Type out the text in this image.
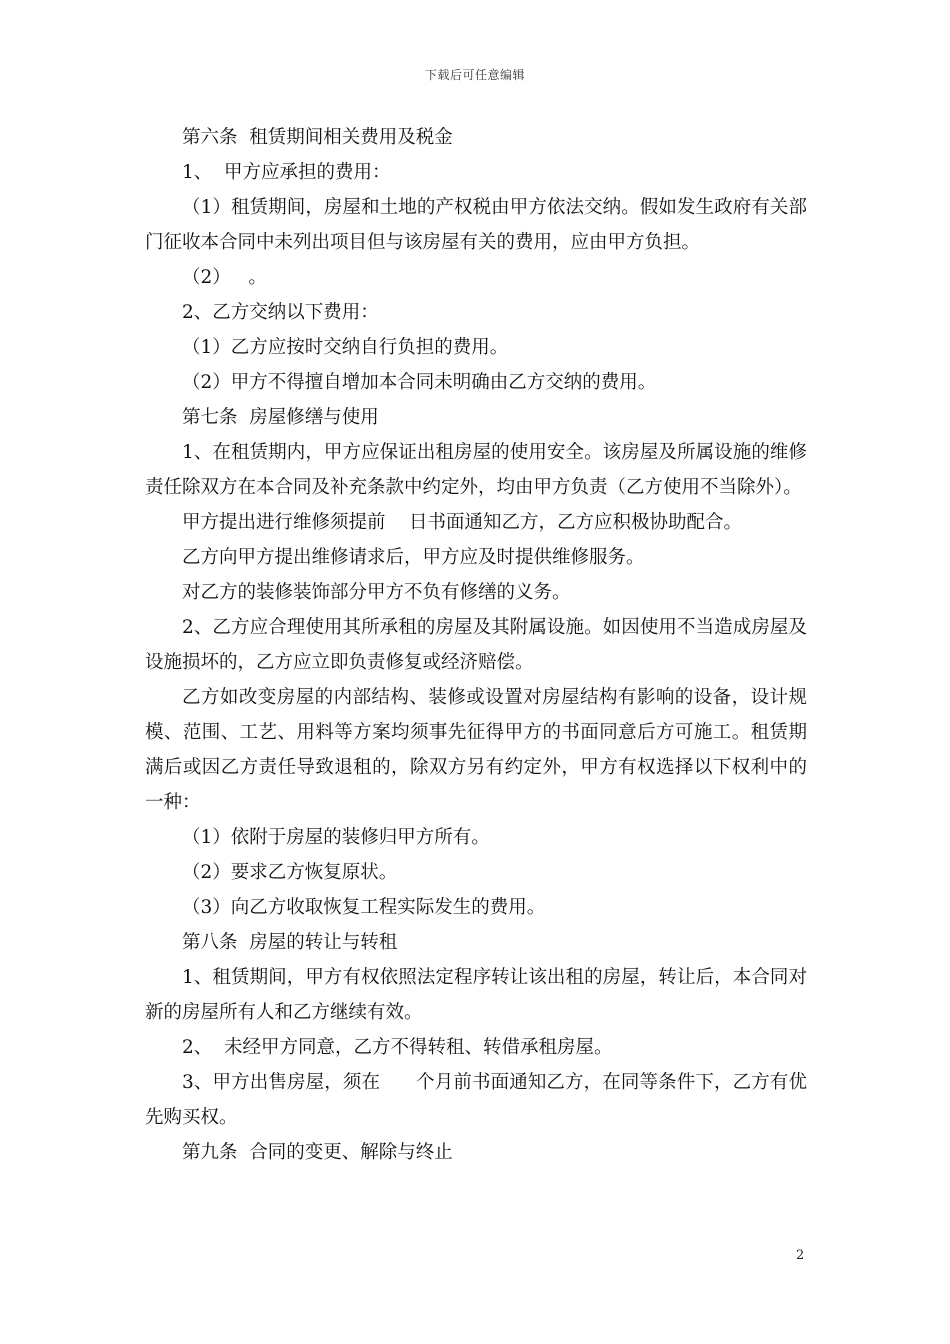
下载后可任意编辑

第六条  租赁期间相关费用及税金

1、  甲方应承担的费用：

（1）租赁期间，房屋和土地的产权税由甲方依法交纳。假如发生政府有关部门征收本合同中未列出项目但与该房屋有关的费用，应由甲方负担。

（2）   。

2、乙方交纳以下费用：

（1）乙方应按时交纳自行负担的费用。

（2）甲方不得擅自增加本合同未明确由乙方交纳的费用。

第七条  房屋修缮与使用

1、在租赁期内，甲方应保证出租房屋的使用安全。该房屋及所属设施的维修责任除双方在本合同及补充条款中约定外，均由甲方负责（乙方使用不当除外）。

甲方提出进行维修须提前    日书面通知乙方，乙方应积极协助配合。

乙方向甲方提出维修请求后，甲方应及时提供维修服务。

对乙方的装修装饰部分甲方不负有修缮的义务。

2、乙方应合理使用其所承租的房屋及其附属设施。如因使用不当造成房屋及设施损坏的，乙方应立即负责修复或经济赔偿。

乙方如改变房屋的内部结构、装修或设置对房屋结构有影响的设备，设计规模、范围、工艺、用料等方案均须事先征得甲方的书面同意后方可施工。租赁期满后或因乙方责任导致退租的，除双方另有约定外，甲方有权选择以下权利中的一种：

（1）依附于房屋的装修归甲方所有。

（2）要求乙方恢复原状。

（3）向乙方收取恢复工程实际发生的费用。

第八条  房屋的转让与转租

1、租赁期间，甲方有权依照法定程序转让该出租的房屋，转让后，本合同对新的房屋所有人和乙方继续有效。

2、  未经甲方同意，乙方不得转租、转借承租房屋。

3、甲方出售房屋，须在      个月前书面通知乙方，在同等条件下，乙方有优先购买权。

第九条  合同的变更、解除与终止

2
